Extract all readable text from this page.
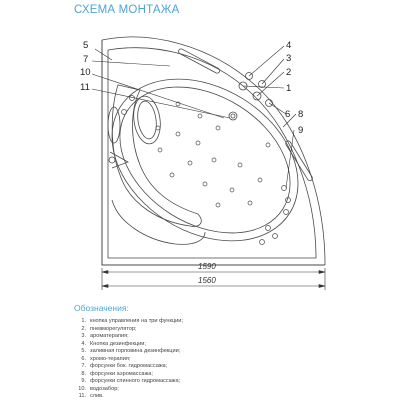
СХЕМА МОНТАЖА
5
7
10
11
4
3
2
1
6 8
9
1590
1560
Обозначения:
1. кнопка управления на три функции;
2. пневморегулятор;
3. ароматерапия;
4. Кнопка дезинфекции;
5. заливная горловина дезинфекции;
6. хромо-терапия;
7. форсунки бок. гидромассажа;
8. форсунки аэромассажа;
9. форсунки спинного гидромассажа;
10. водозабор;
11. слив.
